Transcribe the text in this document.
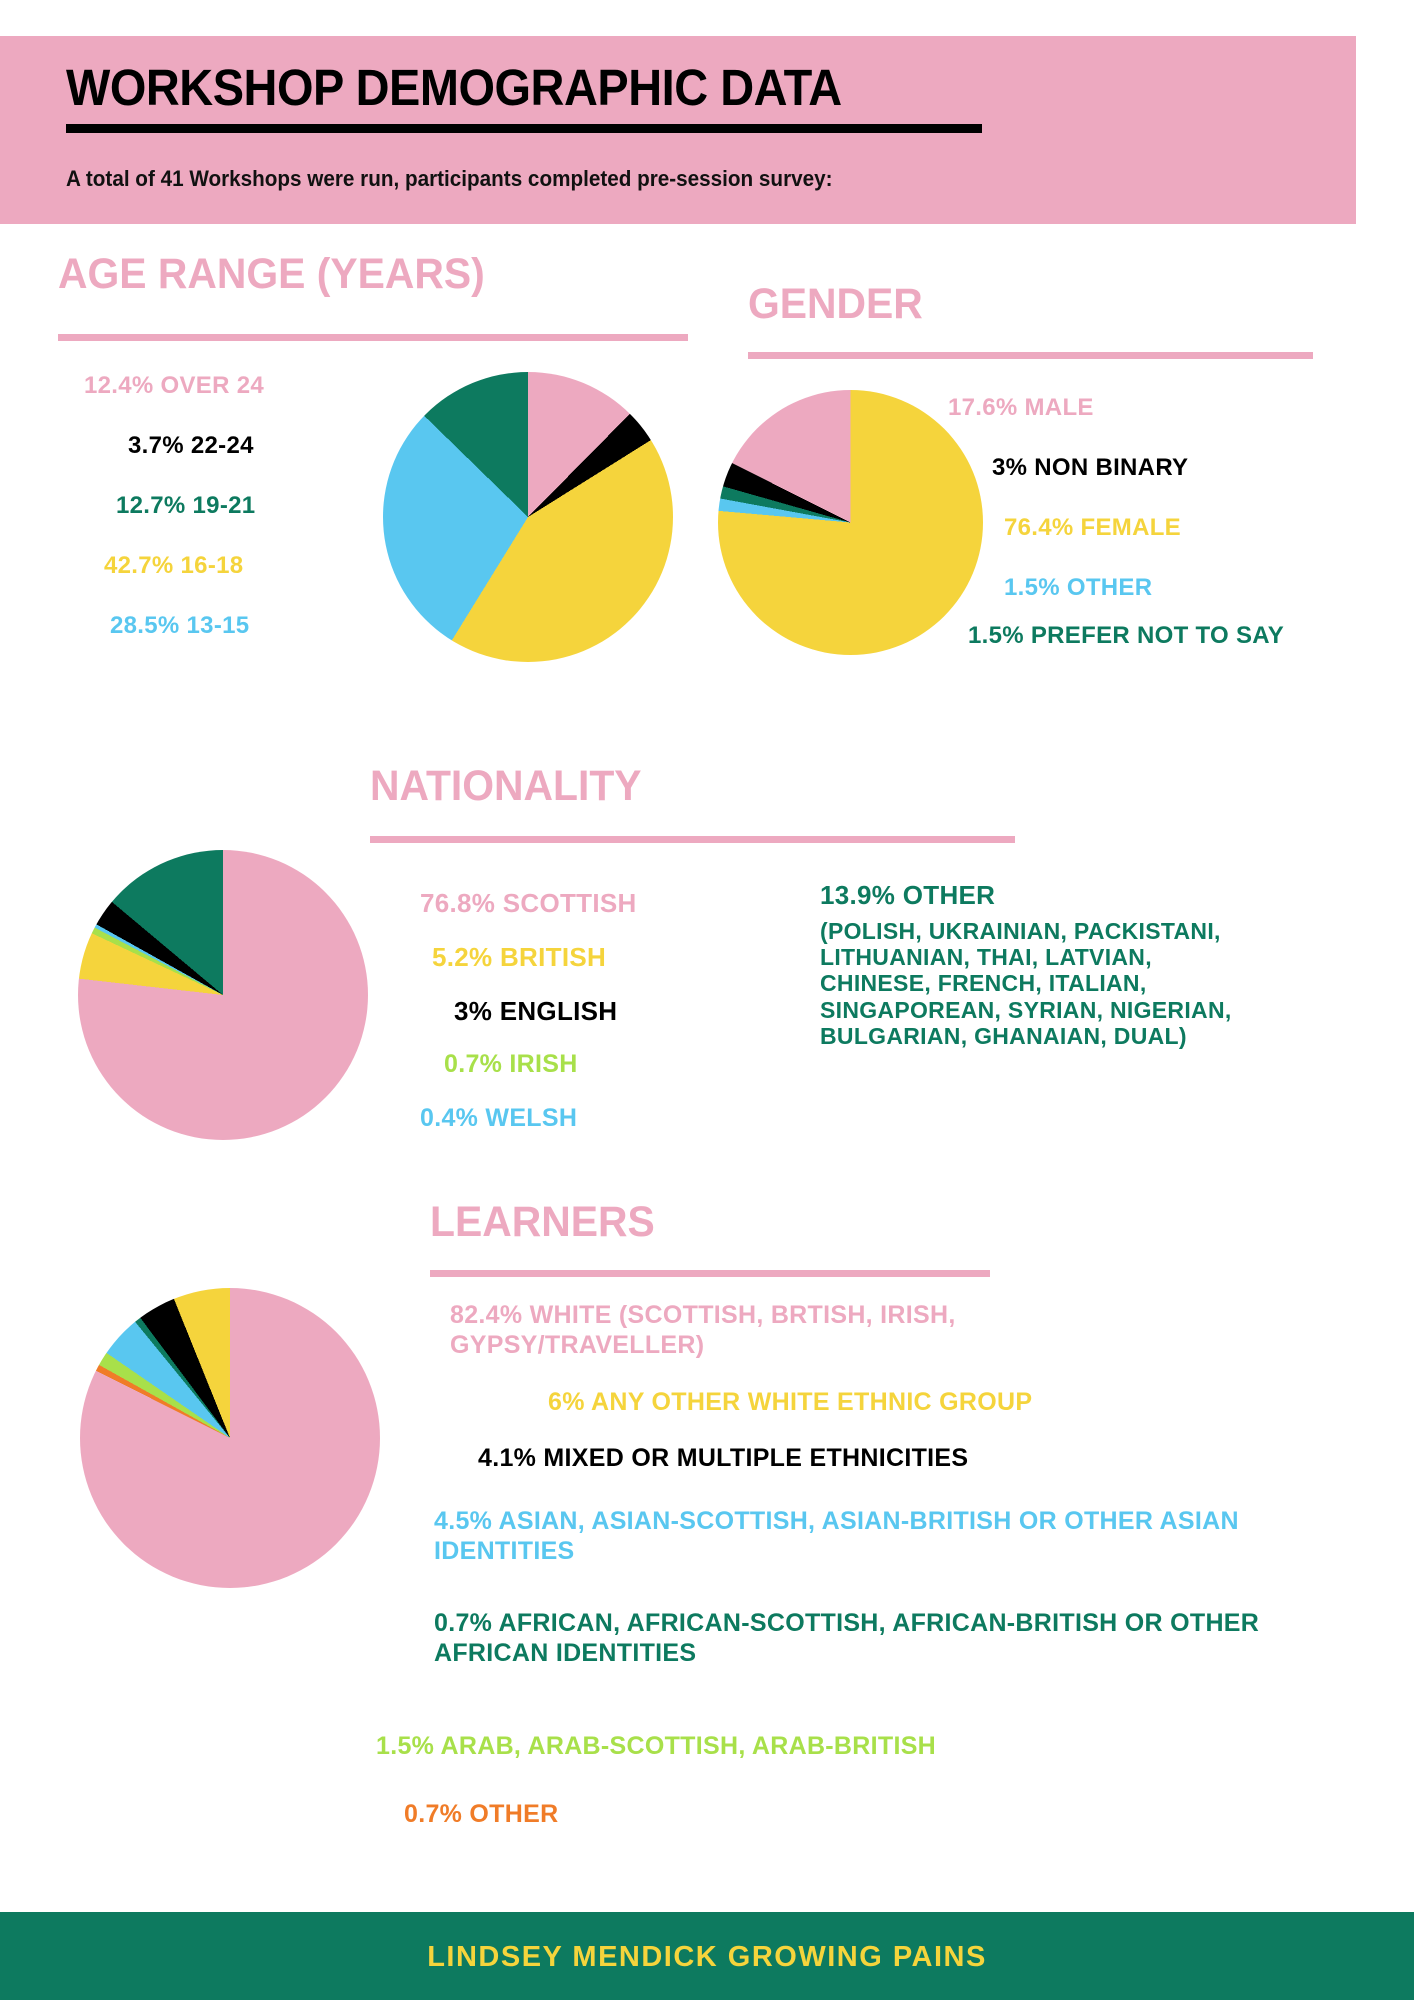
WORKSHOP DEMOGRAPHIC DATA
A total of 41 Workshops were run, participants completed pre-session survey:
AGE RANGE (YEARS)
12.4% OVER 24
3.7% 22-24
12.7% 19-21
42.7% 16-18
28.5% 13-15
GENDER
17.6% MALE
3% NON BINARY
76.4% FEMALE
1.5% OTHER
1.5% PREFER NOT TO SAY
NATIONALITY
76.8% SCOTTISH
5.2% BRITISH
3% ENGLISH
0.7% IRISH
0.4% WELSH
13.9% OTHER
(POLISH, UKRAINIAN, PACKISTANI, LITHUANIAN, THAI, LATVIAN, CHINESE, FRENCH, ITALIAN, SINGAPOREAN, SYRIAN, NIGERIAN, BULGARIAN, GHANAIAN, DUAL)
LEARNERS
82.4% WHITE (SCOTTISH, BRTISH, IRISH, GYPSY/TRAVELLER)
6% ANY OTHER WHITE ETHNIC GROUP
4.1% MIXED OR MULTIPLE ETHNICITIES
4.5% ASIAN, ASIAN-SCOTTISH, ASIAN-BRITISH OR OTHER ASIAN IDENTITIES
0.7% AFRICAN, AFRICAN-SCOTTISH, AFRICAN-BRITISH OR OTHER AFRICAN IDENTITIES
1.5% ARAB, ARAB-SCOTTISH, ARAB-BRITISH
0.7% OTHER
LINDSEY MENDICK GROWING PAINS
